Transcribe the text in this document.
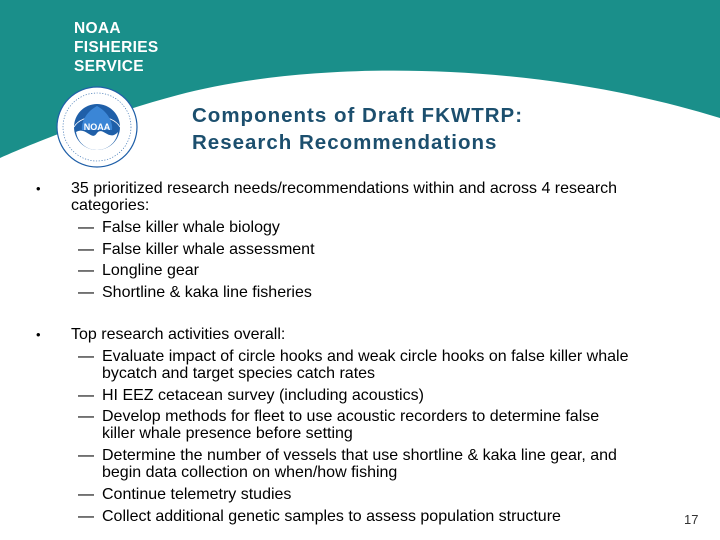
NOAA
FISHERIES
SERVICE
NOAA	Components of Draft FKWTRP:
Research Recommendations
• 35 prioritized research needs/recommendations within and across 4 research
categories:
— False killer whale biology
— False killer whale assessment
— Longline gear
— Shortline & kaka line fisheries
• Top research activities overall:
— Evaluate impact of circle hooks and weak circle hooks on false killer whale
bycatch and target species catch rates
— HI EEZ cetacean survey (including acoustics)
— Develop methods for fleet to use acoustic recorders to determine false
killer whale presence before setting
— Determine the number of vessels that use shortline & kaka line gear, and
begin data collection on when/how fishing
— Continue telemetry studies
— Collect additional genetic samples to assess population structure	17
